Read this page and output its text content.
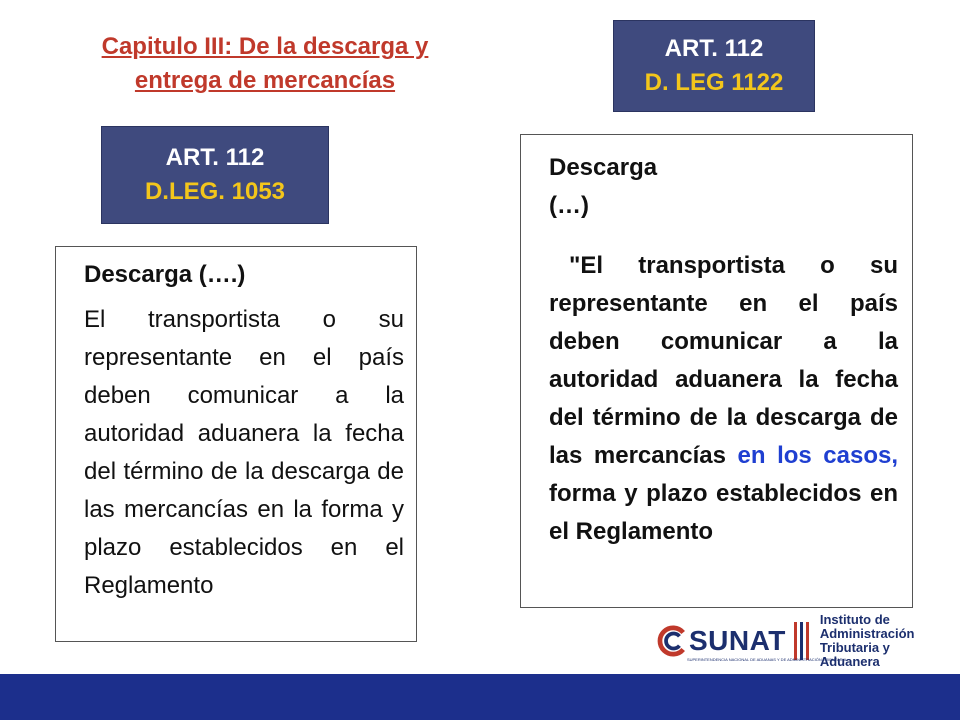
Capitulo III: De la descarga y entrega de mercancías
ART. 112
D. LEG 1122
ART. 112
D.LEG. 1053
Descarga (….)
El transportista o su representante en el país deben comunicar a la autoridad aduanera la fecha del término de la descarga de las mercancías en la forma y plazo establecidos en el Reglamento
Descarga
(…)
"El transportista o su representante en el país deben comunicar a la autoridad aduanera la fecha del término de la descarga de las mercancías en los casos, forma y plazo establecidos en el Reglamento
SUNAT
SUPERINTENDENCIA NACIONAL DE ADUANAS Y DE ADMINISTRACIÓN TRIBUTARIA
Instituto de
Administración
Tributaria y Aduanera
